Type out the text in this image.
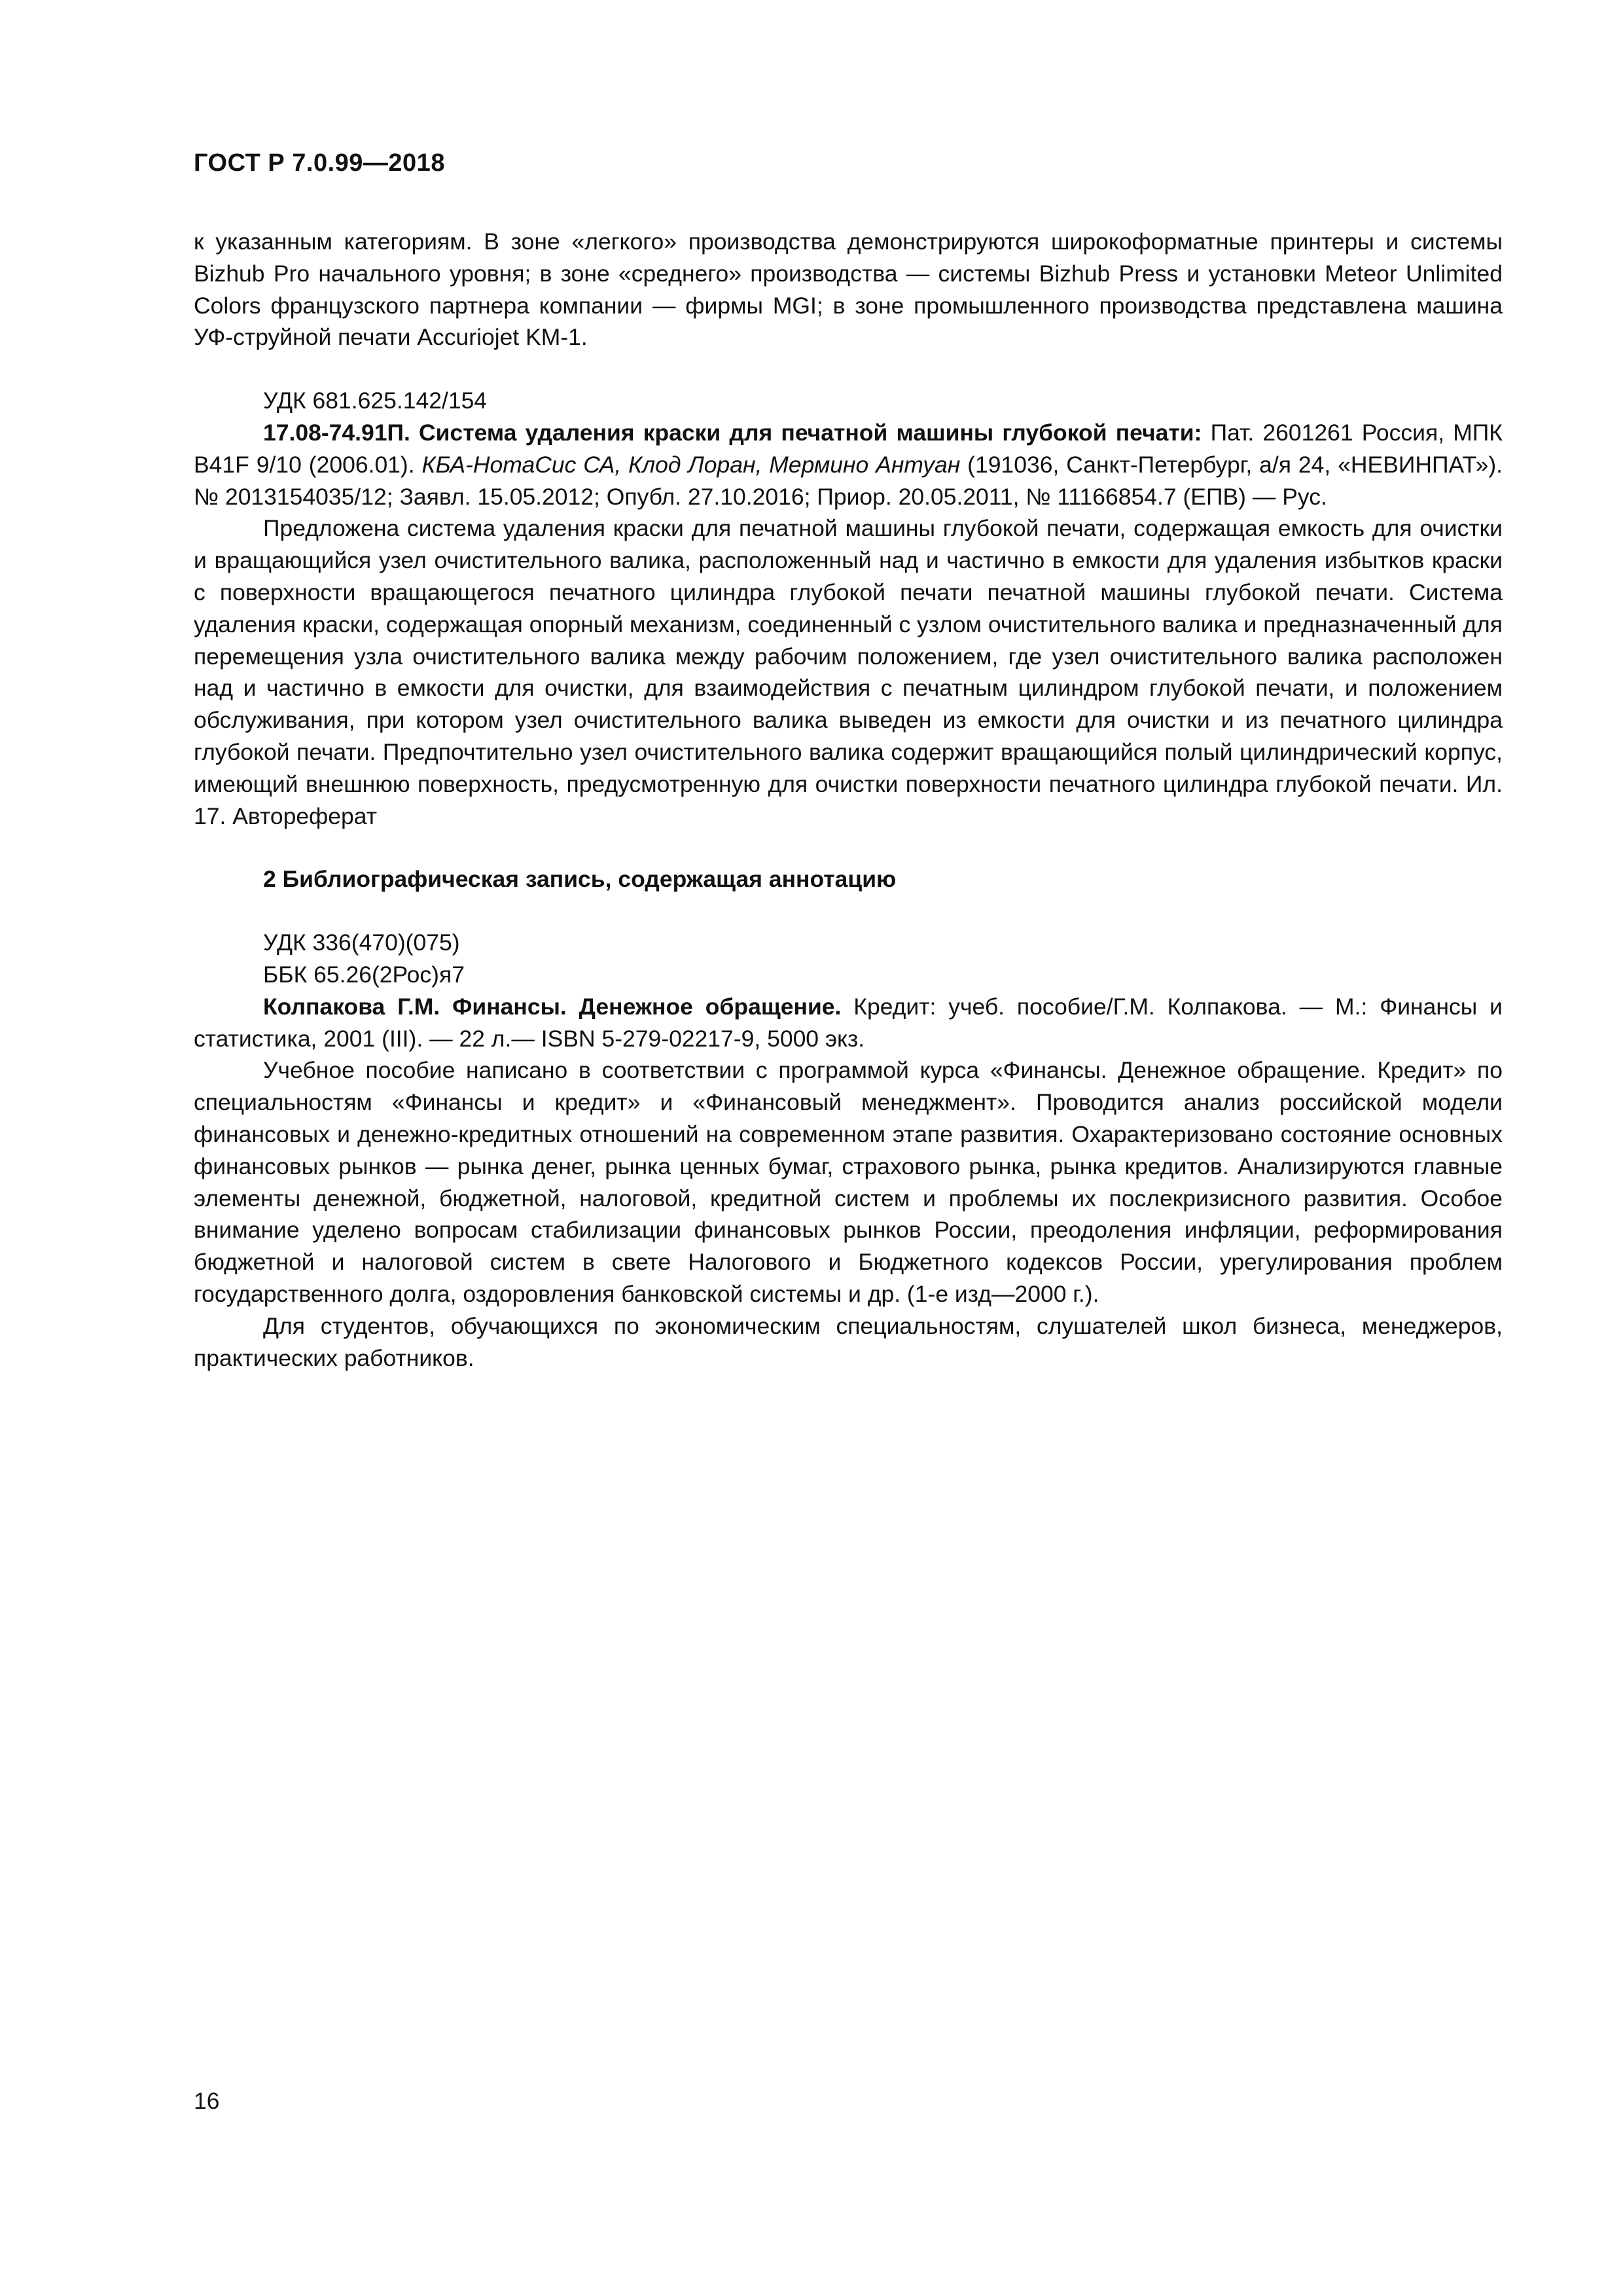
ГОСТ Р 7.0.99—2018

к указанным категориям. В зоне «легкого» производства демонстрируются широкоформатные принтеры и системы Bizhub Pro начального уровня; в зоне «среднего» производства — системы Bizhub Press и установки Meteor Unlimited Colors французского партнера компании — фирмы MGI; в зоне промышленного производства представлена машина УФ-струйной печати Accuriojet KM-1.

УДК 681.625.142/154

17.08-74.91П. Система удаления краски для печатной машины глубокой печати: Пат. 2601261 Россия, МПК B41F 9/10 (2006.01). КБА-НотаСис СА, Клод Лоран, Мермино Антуан (191036, Санкт-Петербург, а/я 24, «НЕВИНПАТ»). № 2013154035/12; Заявл. 15.05.2012; Опубл. 27.10.2016; Приор. 20.05.2011, № 11166854.7 (ЕПВ) — Рус.

Предложена система удаления краски для печатной машины глубокой печати, содержащая емкость для очистки и вращающийся узел очистительного валика, расположенный над и частично в емкости для удаления избытков краски с поверхности вращающегося печатного цилиндра глубокой печати печатной машины глубокой печати. Система удаления краски, содержащая опорный механизм, соединенный с узлом очистительного валика и предназначенный для перемещения узла очистительного валика между рабочим положением, где узел очистительного валика расположен над и частично в емкости для очистки, для взаимодействия с печатным цилиндром глубокой печати, и положением обслуживания, при котором узел очистительного валика выведен из емкости для очистки и из печатного цилиндра глубокой печати. Предпочтительно узел очистительного валика содержит вращающийся полый цилиндрический корпус, имеющий внешнюю поверхность, предусмотренную для очистки поверхности печатного цилиндра глубокой печати. Ил. 17. Автореферат

2 Библиографическая запись, содержащая аннотацию
УДК 336(470)(075)
ББК 65.26(2Рос)я7

Колпакова Г.М. Финансы. Денежное обращение. Кредит: учеб. пособие/Г.М. Колпакова. — М.: Финансы и статистика, 2001 (III). — 22 л.— ISBN 5-279-02217-9, 5000 экз.

Учебное пособие написано в соответствии с программой курса «Финансы. Денежное обращение. Кредит» по специальностям «Финансы и кредит» и «Финансовый менеджмент». Проводится анализ российской модели финансовых и денежно-кредитных отношений на современном этапе развития. Охарактеризовано состояние основных финансовых рынков — рынка денег, рынка ценных бумаг, страхового рынка, рынка кредитов. Анализируются главные элементы денежной, бюджетной, налоговой, кредитной систем и проблемы их послекризисного развития. Особое внимание уделено вопросам стабилизации финансовых рынков России, преодоления инфляции, реформирования бюджетной и налоговой систем в свете Налогового и Бюджетного кодексов России, урегулирования проблем государственного долга, оздоровления банковской системы и др. (1-е изд—2000 г.).

Для студентов, обучающихся по экономическим специальностям, слушателей школ бизнеса, менеджеров, практических работников.

16
